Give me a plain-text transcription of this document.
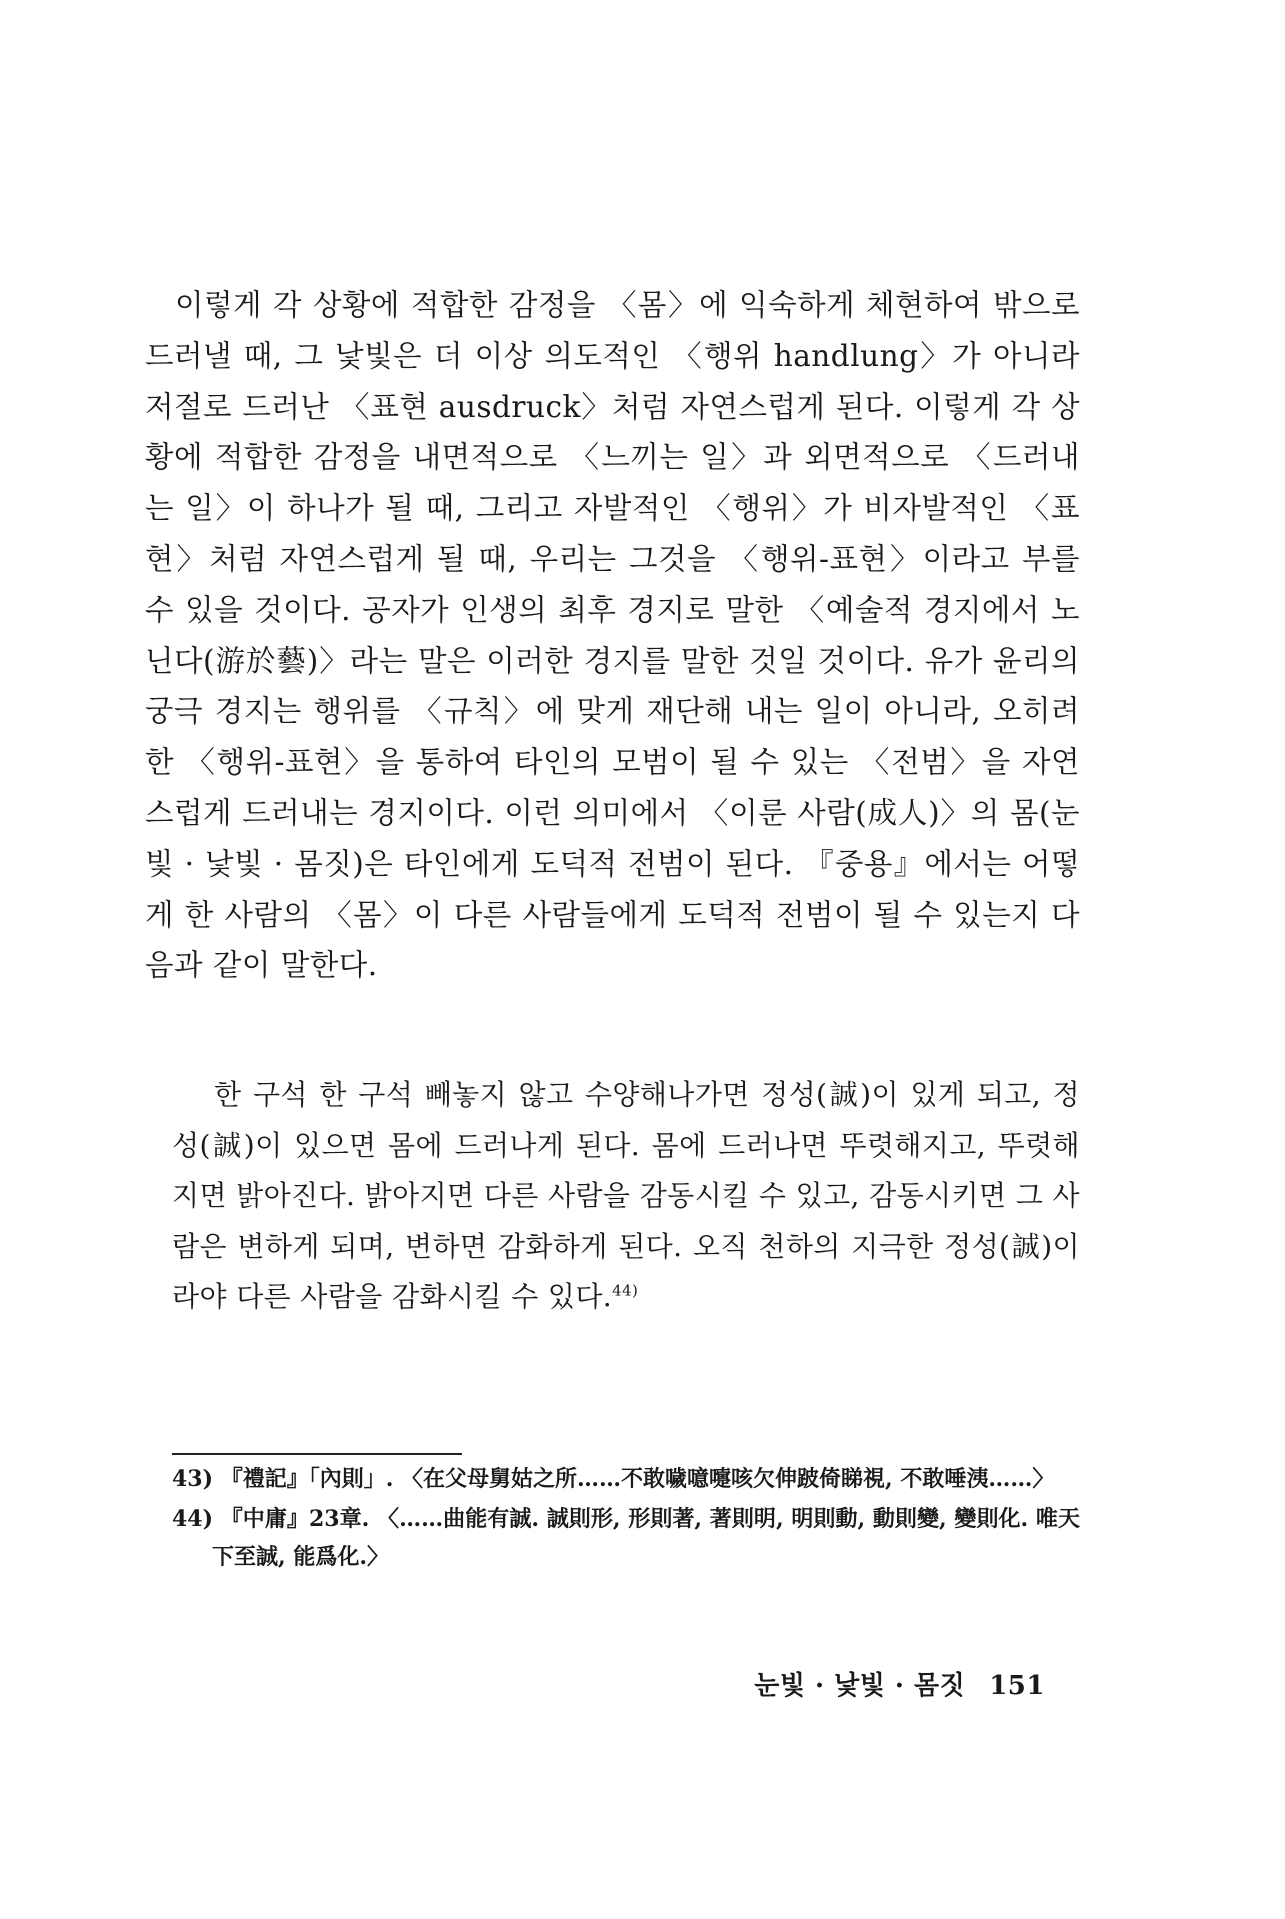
이렇게 각 상황에 적합한 감정을 〈몸〉에 익숙하게 체현하여 밖으로 드러낼 때, 그 낯빛은 더 이상 의도적인 〈행위 handlung〉가 아니라 저절로 드러난 〈표현 ausdruck〉처럼 자연스럽게 된다. 이렇게 각 상황에 적합한 감정을 내면적으로 〈느끼는 일〉과 외면적으로 〈드러내는 일〉이 하나가 될 때, 그리고 자발적인 〈행위〉가 비자발적인 〈표현〉처럼 자연스럽게 될 때, 우리는 그것을 〈행위-표현〉이라고 부를 수 있을 것이다. 공자가 인생의 최후 경지로 말한 〈예술적 경지에서 노닌다(游於藝)〉라는 말은 이러한 경지를 말한 것일 것이다. 유가 윤리의 궁극 경지는 행위를 〈규칙〉에 맞게 재단해 내는 일이 아니라, 오히려 한 〈행위-표현〉을 통하여 타인의 모범이 될 수 있는 〈전범〉을 자연스럽게 드러내는 경지이다. 이런 의미에서 〈이룬 사람(成人)〉의 몸(눈빛 · 낯빛 · 몸짓)은 타인에게 도덕적 전범이 된다. 『중용』에서는 어떻게 한 사람의 〈몸〉이 다른 사람들에게 도덕적 전범이 될 수 있는지 다음과 같이 말한다.

한 구석 한 구석 빼놓지 않고 수양해나가면 정성(誠)이 있게 되고, 정성(誠)이 있으면 몸에 드러나게 된다. 몸에 드러나면 뚜렷해지고, 뚜렷해지면 밝아진다. 밝아지면 다른 사람을 감동시킬 수 있고, 감동시키면 그 사람은 변하게 되며, 변하면 감화하게 된다. 오직 천하의 지극한 정성(誠)이라야 다른 사람을 감화시킬 수 있다.$^{44)}$

43) 『禮記』「內則」. 〈在父母舅姑之所……不敢噦噫嚏咳欠伸跛倚睇視, 不敢唾洟……〉

44) 『中庸』23章. 〈……曲能有誠. 誠則形, 形則著, 著則明, 明則動, 動則變, 變則化. 唯天下至誠, 能爲化.〉

눈빛 · 낯빛 · 몸짓 151
